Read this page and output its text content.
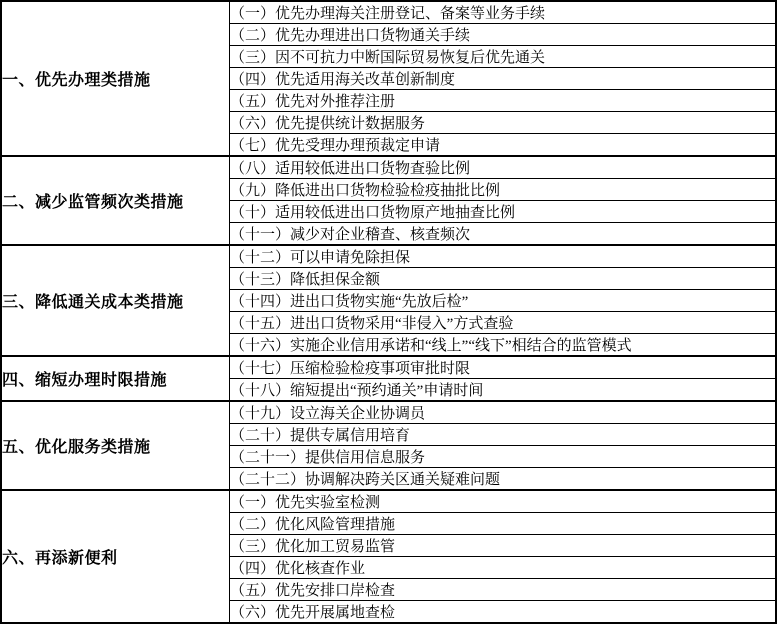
一、优先办理类措施	（一）优先办理海关注册登记、备案等业务手续
	（二）优先办理进出口货物通关手续
	（三）因不可抗力中断国际贸易恢复后优先通关
	（四）优先适用海关改革创新制度
	（五）优先对外推荐注册
	（六）优先提供统计数据服务
	（七）优先受理办理预裁定申请
二、减少监管频次类措施	（八）适用较低进出口货物查验比例
	（九）降低进出口货物检验检疫抽批比例
	（十）适用较低进出口货物原产地抽查比例
	（十一）减少对企业稽查、核查频次
三、降低通关成本类措施	（十二）可以申请免除担保
	（十三）降低担保金额
	（十四）进出口货物实施“先放后检”
	（十五）进出口货物采用“非侵入”方式查验
	（十六）实施企业信用承诺和“线上”“线下”相结合的监管模式
四、缩短办理时限措施	（十七）压缩检验检疫事项审批时限
	（十八）缩短提出“预约通关”申请时间
五、优化服务类措施	（十九）设立海关企业协调员
	（二十）提供专属信用培育
	（二十一）提供信用信息服务
	（二十二）协调解决跨关区通关疑难问题
六、再添新便利	（一）优先实验室检测
	（二）优化风险管理措施
	（三）优化加工贸易监管
	（四）优化核查作业
	（五）优先安排口岸检查
	（六）优先开展属地查检
